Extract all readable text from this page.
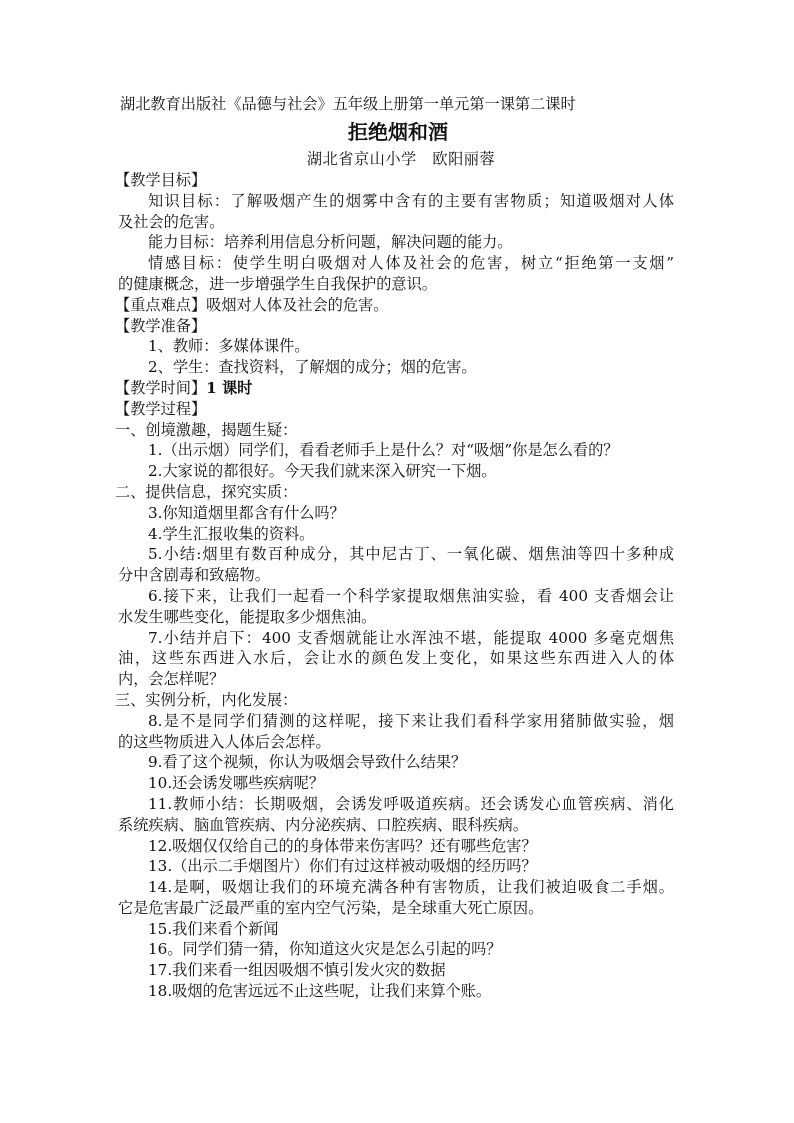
湖北教育出版社《品德与社会》五年级上册第一单元第一课第二课时
拒绝烟和酒
湖北省京山小学　欧阳丽蓉
【教学目标】
知识目标：了解吸烟产生的烟雾中含有的主要有害物质；知道吸烟对人体
及社会的危害。
能力目标：培养利用信息分析问题，解决问题的能力。
情感目标：使学生明白吸烟对人体及社会的危害，树立“拒绝第一支烟”
的健康概念，进一步增强学生自我保护的意识。
【重点难点】吸烟对人体及社会的危害。
【教学准备】
1、教师：多媒体课件。
2、学生：查找资料，了解烟的成分；烟的危害。
【教学时间】1 课时
【教学过程】
一、创境激趣，揭题生疑：
1.（出示烟）同学们，看看老师手上是什么？对“吸烟”你是怎么看的？
2.大家说的都很好。今天我们就来深入研究一下烟。
二、提供信息，探究实质：
3.你知道烟里都含有什么吗？
4.学生汇报收集的资料。
5.小结:烟里有数百种成分，其中尼古丁、一氧化碳、烟焦油等四十多种成
分中含剧毒和致癌物。
6.接下来，让我们一起看一个科学家提取烟焦油实验，看 400 支香烟会让
水发生哪些变化，能提取多少烟焦油。
7.小结并启下：400 支香烟就能让水浑浊不堪，能提取 4000 多毫克烟焦
油，这些东西进入水后，会让水的颜色发上变化，如果这些东西进入人的体
内，会怎样呢？
三、实例分析，内化发展：
8.是不是同学们猜测的这样呢，接下来让我们看科学家用猪肺做实验，烟
的这些物质进入人体后会怎样。
9.看了这个视频，你认为吸烟会导致什么结果？
10.还会诱发哪些疾病呢？
11.教师小结：长期吸烟，会诱发呼吸道疾病。还会诱发心血管疾病、消化
系统疾病、脑血管疾病、内分泌疾病、口腔疾病、眼科疾病。
12.吸烟仅仅给自己的的身体带来伤害吗？还有哪些危害？
13.（出示二手烟图片）你们有过这样被动吸烟的经历吗？
14.是啊，吸烟让我们的环境充满各种有害物质，让我们被迫吸食二手烟。
它是危害最广泛最严重的室内空气污染，是全球重大死亡原因。
15.我们来看个新闻
16。同学们猜一猜，你知道这火灾是怎么引起的吗？
17.我们来看一组因吸烟不慎引发火灾的数据
18.吸烟的危害远远不止这些呢，让我们来算个账。
